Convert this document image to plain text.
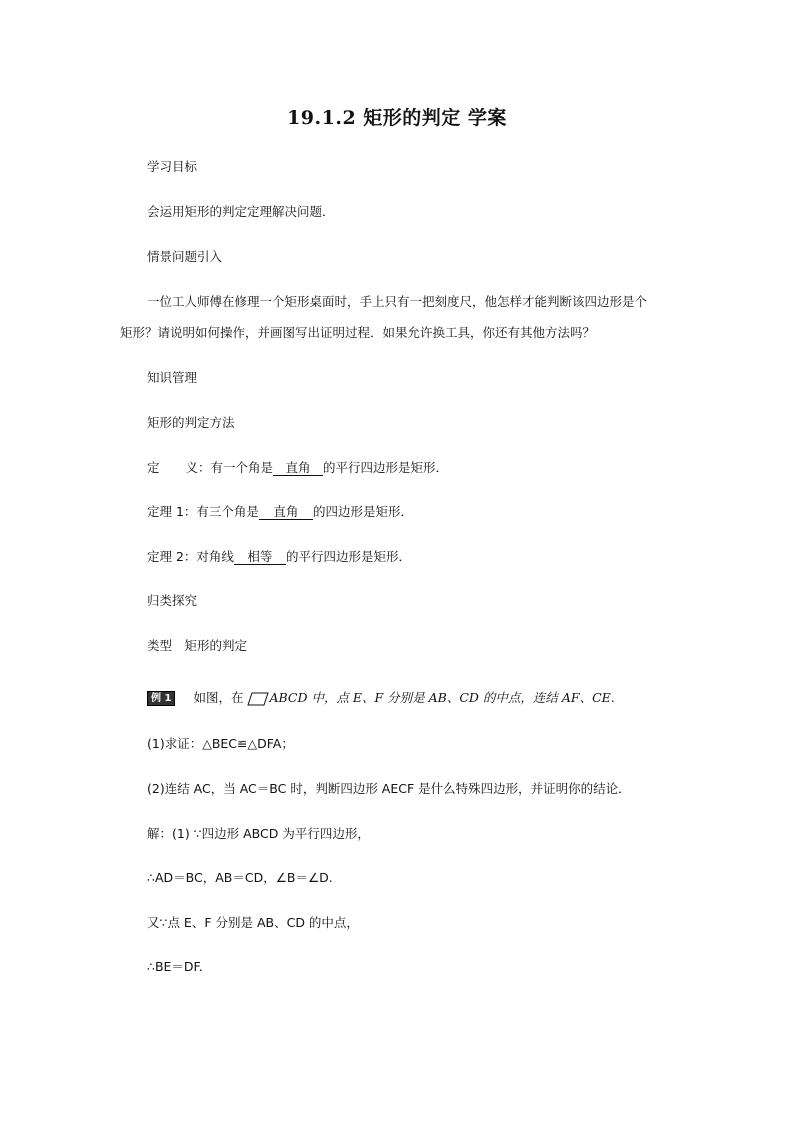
19.1.2 矩形的判定 学案
学习目标
会运用矩形的判定定理解决问题．
情景问题引入
一位工人师傅在修理一个矩形桌面时，手上只有一把刻度尺，他怎样才能判断该四边形是个
矩形？请说明如何操作，并画图写出证明过程．如果允许换工具，你还有其他方法吗？
知识管理
矩形的判定方法
定 义：有一个角是 直角 的平行四边形是矩形．
定理 1：有三个角是 直角 的四边形是矩形．
定理 2：对角线 相等 的平行四边形是矩形．
归类探究
类型　矩形的判定
例 1 如图，在 ABCD 中，点 E、F 分别是 AB、CD 的中点，连结 AF、CE.
(1)求证：△BEC≌△DFA；
(2)连结 AC，当 AC＝BC 时，判断四边形 AECF 是什么特殊四边形，并证明你的结论．
解：(1) ∵四边形 ABCD 为平行四边形，
∴AD＝BC，AB＝CD，∠B＝∠D.
又∵点 E、F 分别是 AB、CD 的中点，
∴BE＝DF.
